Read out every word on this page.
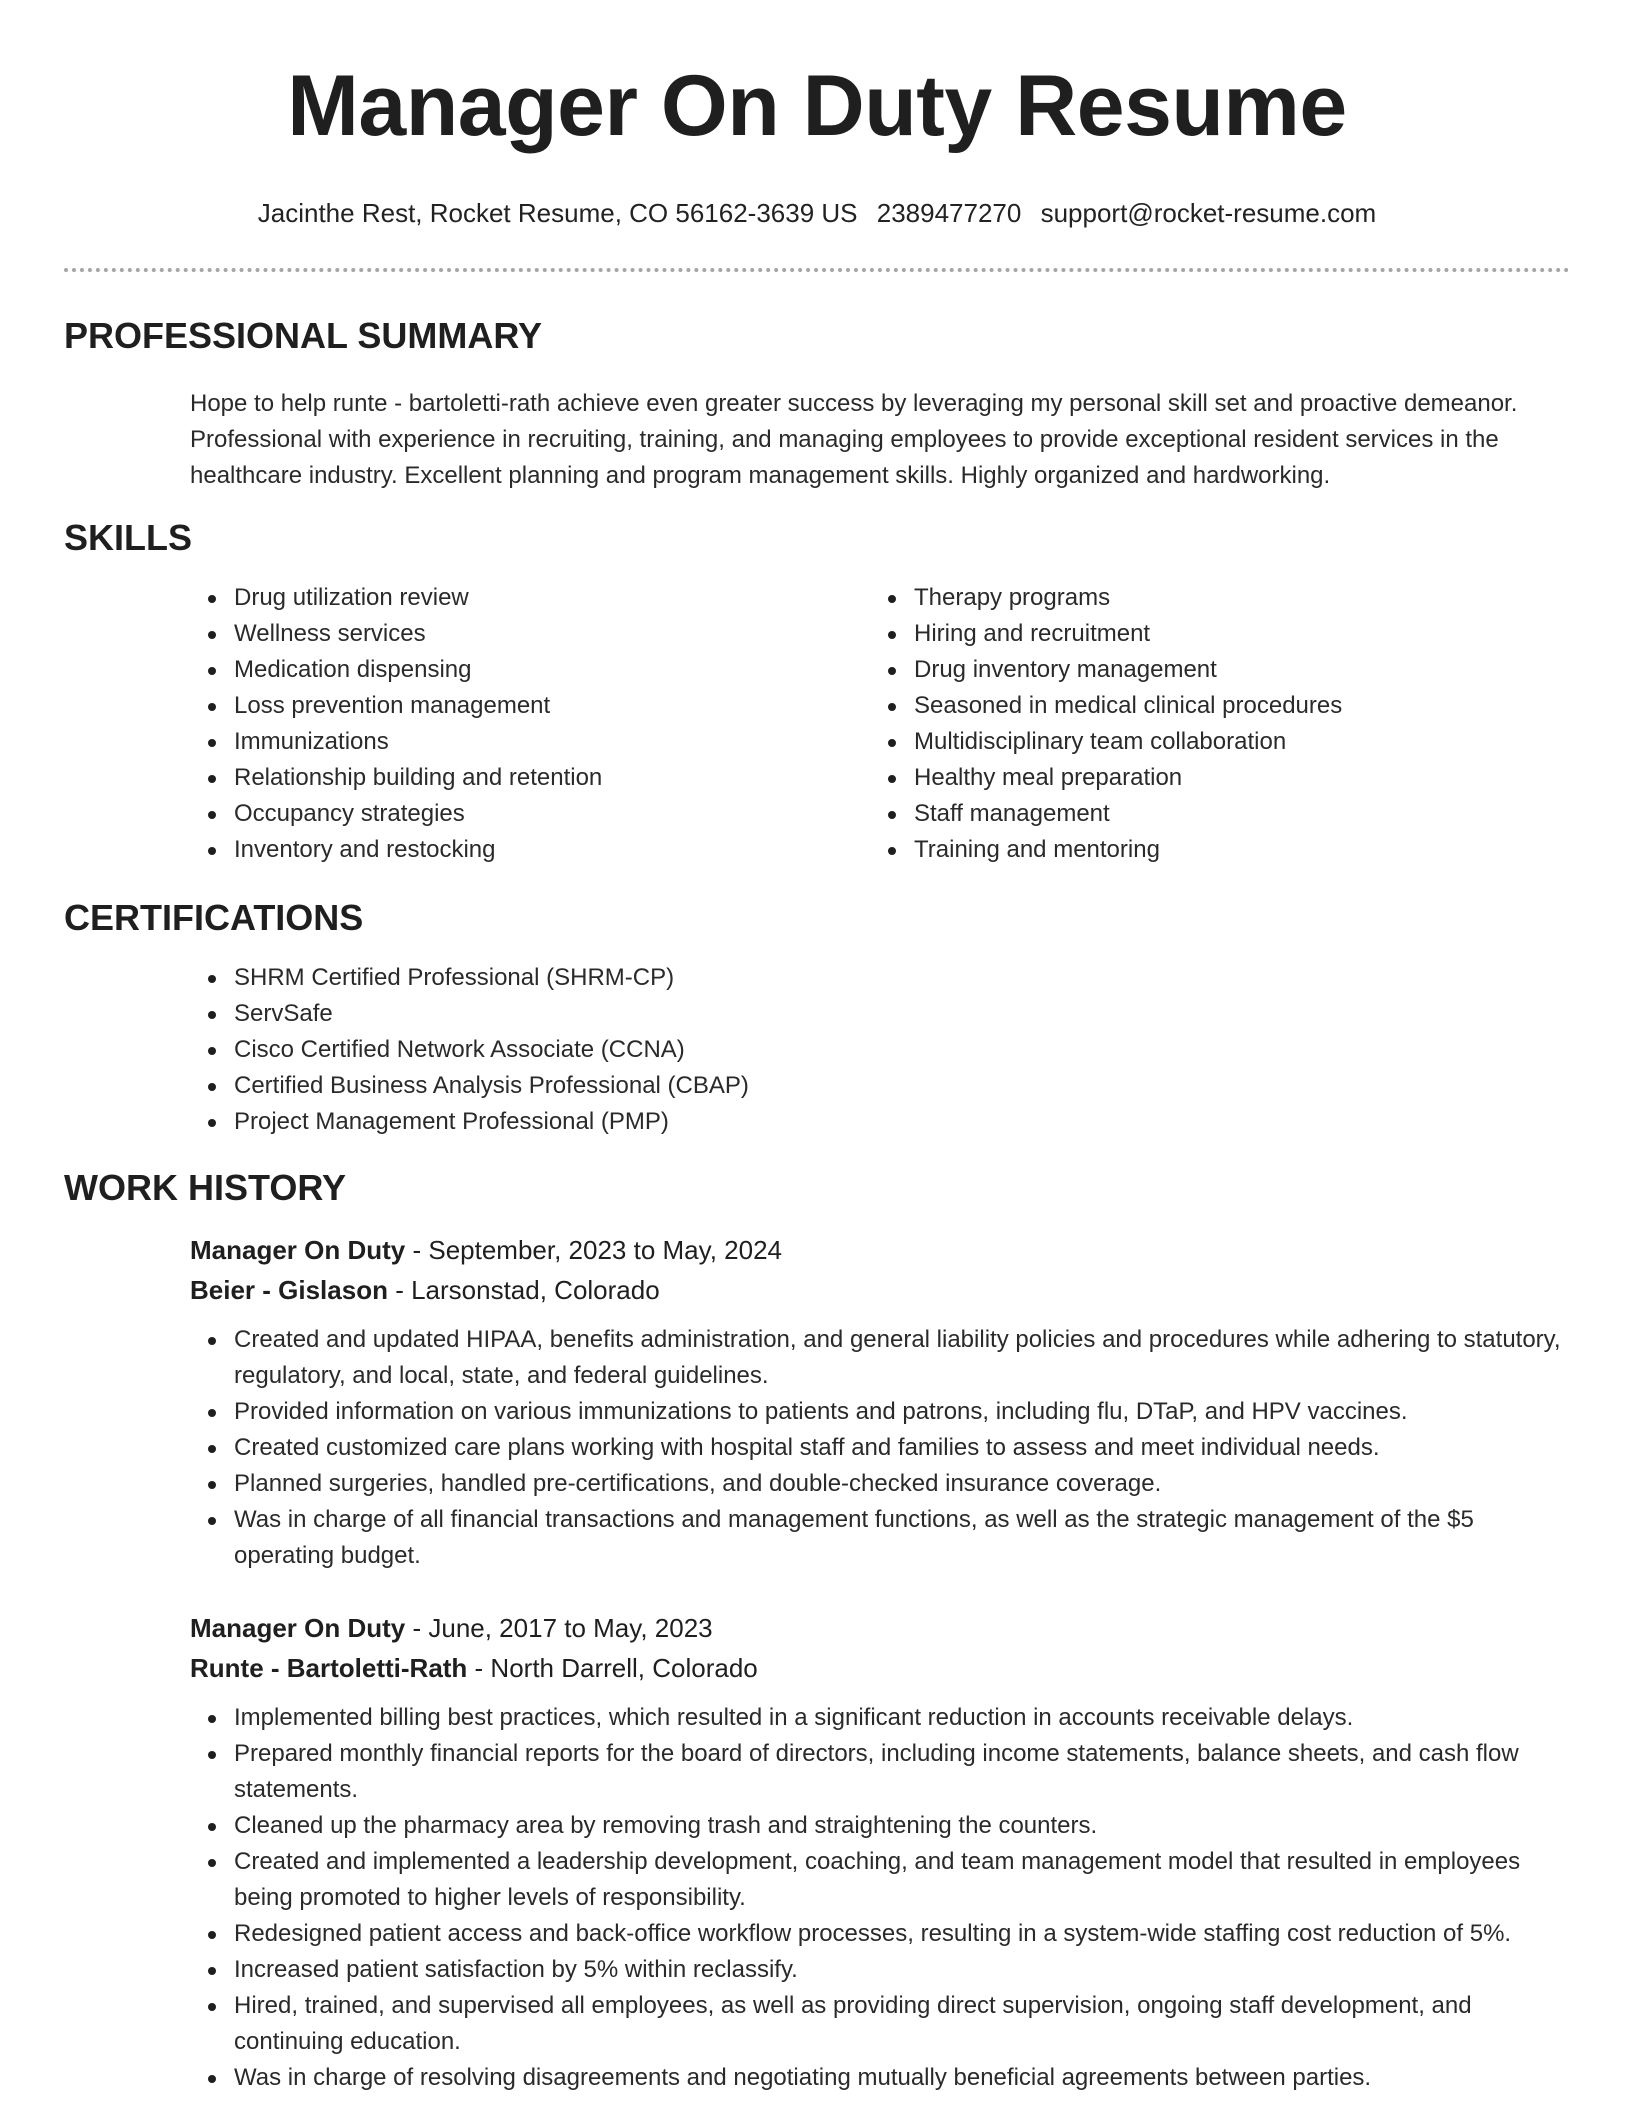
Manager On Duty Resume
Jacinthe Rest, Rocket Resume, CO 56162-3639 US 2389477270 support@rocket-resume.com
PROFESSIONAL SUMMARY

Hope to help runte - bartoletti-rath achieve even greater success by leveraging my personal skill set and proactive demeanor. Professional with experience in recruiting, training, and managing employees to provide exceptional resident services in the healthcare industry. Excellent planning and program management skills. Highly organized and hardworking.

SKILLS
Drug utilization review
Wellness services
Medication dispensing
Loss prevention management
Immunizations
Relationship building and retention
Occupancy strategies
Inventory and restocking
Therapy programs
Hiring and recruitment
Drug inventory management
Seasoned in medical clinical procedures
Multidisciplinary team collaboration
Healthy meal preparation
Staff management
Training and mentoring
CERTIFICATIONS
SHRM Certified Professional (SHRM-CP)
ServSafe
Cisco Certified Network Associate (CCNA)
Certified Business Analysis Professional (CBAP)
Project Management Professional (PMP)
WORK HISTORY
Manager On Duty - September, 2023 to May, 2024
Beier - Gislason - Larsonstad, Colorado
Created and updated HIPAA, benefits administration, and general liability policies and procedures while adhering to statutory, regulatory, and local, state, and federal guidelines.
Provided information on various immunizations to patients and patrons, including flu, DTaP, and HPV vaccines.
Created customized care plans working with hospital staff and families to assess and meet individual needs.
Planned surgeries, handled pre-certifications, and double-checked insurance coverage.
Was in charge of all financial transactions and management functions, as well as the strategic management of the $5 operating budget.
Manager On Duty - June, 2017 to May, 2023
Runte - Bartoletti-Rath - North Darrell, Colorado
Implemented billing best practices, which resulted in a significant reduction in accounts receivable delays.
Prepared monthly financial reports for the board of directors, including income statements, balance sheets, and cash flow statements.
Cleaned up the pharmacy area by removing trash and straightening the counters.
Created and implemented a leadership development, coaching, and team management model that resulted in employees being promoted to higher levels of responsibility.
Redesigned patient access and back-office workflow processes, resulting in a system-wide staffing cost reduction of 5%.
Increased patient satisfaction by 5% within reclassify.
Hired, trained, and supervised all employees, as well as providing direct supervision, ongoing staff development, and continuing education.
Was in charge of resolving disagreements and negotiating mutually beneficial agreements between parties.
